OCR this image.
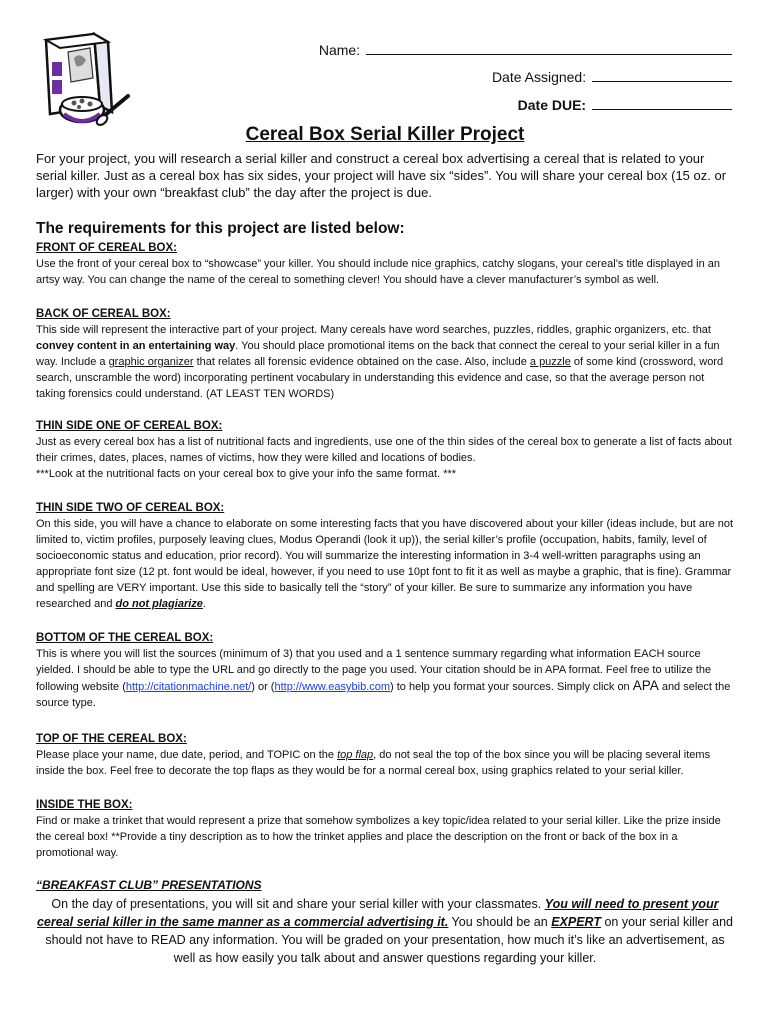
Name:
Date Assigned:
Date DUE:
Cereal Box Serial Killer Project
For your project, you will research a serial killer and construct a cereal box advertising a cereal that is related to your serial killer. Just as a cereal box has six sides, your project will have six “sides”. You will share your cereal box (15 oz. or larger) with your own “breakfast club” the day after the project is due.
The requirements for this project are listed below:
FRONT OF CEREAL BOX:
Use the front of your cereal box to “showcase” your killer. You should include nice graphics, catchy slogans, your cereal’s title displayed in an artsy way. You can change the name of the cereal to something clever! You should have a clever manufacturer’s symbol as well.
BACK OF CEREAL BOX:
This side will represent the interactive part of your project. Many cereals have word searches, puzzles, riddles, graphic organizers, etc. that convey content in an entertaining way. You should place promotional items on the back that connect the cereal to your serial killer in a fun way. Include a graphic organizer that relates all forensic evidence obtained on the case. Also, include a puzzle of some kind (crossword, word search, unscramble the word) incorporating pertinent vocabulary in understanding this evidence and case, so that the average person not taking forensics could understand. (AT LEAST TEN WORDS)
THIN SIDE ONE OF CEREAL BOX:
Just as every cereal box has a list of nutritional facts and ingredients, use one of the thin sides of the cereal box to generate a list of facts about their crimes, dates, places, names of victims, how they were killed and locations of bodies.
***Look at the nutritional facts on your cereal box to give your info the same format. ***
THIN SIDE TWO OF CEREAL BOX:
On this side, you will have a chance to elaborate on some interesting facts that you have discovered about your killer (ideas include, but are not limited to, victim profiles, purposely leaving clues, Modus Operandi (look it up)), the serial killer’s profile (occupation, habits, family, level of socioeconomic status and education, prior record). You will summarize the interesting information in 3-4 well-written paragraphs using an appropriate font size (12 pt. font would be ideal, however, if you need to use 10pt font to fit it as well as maybe a graphic, that is fine). Grammar and spelling are VERY important. Use this side to basically tell the “story” of your killer. Be sure to summarize any information you have researched and do not plagiarize.
BOTTOM OF THE CEREAL BOX:
This is where you will list the sources (minimum of 3) that you used and a 1 sentence summary regarding what information EACH source yielded. I should be able to type the URL and go directly to the page you used. Your citation should be in APA format. Feel free to utilize the following website (http://citationmachine.net/) or (http://www.easybib.com) to help you format your sources. Simply click on APA and select the source type.
TOP OF THE CEREAL BOX:
Please place your name, due date, period, and TOPIC on the top flap, do not seal the top of the box since you will be placing several items inside the box. Feel free to decorate the top flaps as they would be for a normal cereal box, using graphics related to your serial killer.
INSIDE THE BOX:
Find or make a trinket that would represent a prize that somehow symbolizes a key topic/idea related to your serial killer. Like the prize inside the cereal box! **Provide a tiny description as to how the trinket applies and place the description on the front or back of the box in a promotional way.
“BREAKFAST CLUB” PRESENTATIONS
On the day of presentations, you will sit and share your serial killer with your classmates. You will need to present your cereal serial killer in the same manner as a commercial advertising it. You should be an EXPERT on your serial killer and should not have to READ any information. You will be graded on your presentation, how much it’s like an advertisement, as well as how easily you talk about and answer questions regarding your killer.
